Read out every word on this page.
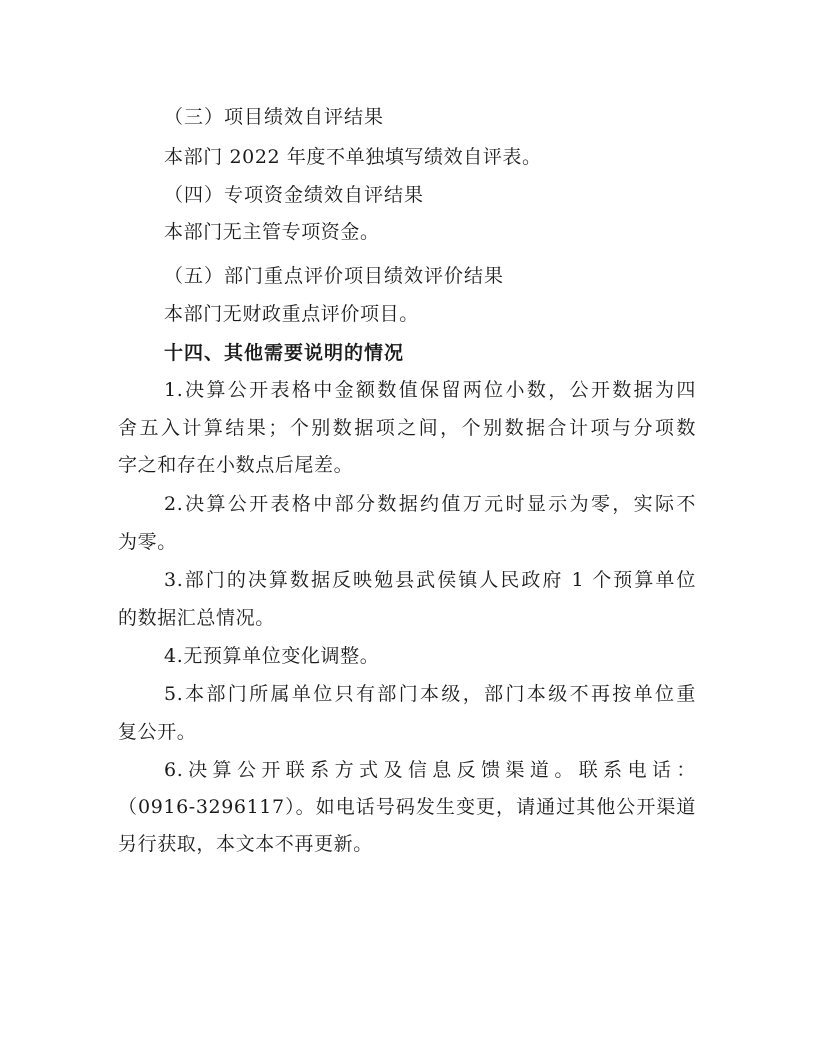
（三）项目绩效自评结果
本部门 2022 年度不单独填写绩效自评表。
（四）专项资金绩效自评结果
本部门无主管专项资金。
（五）部门重点评价项目绩效评价结果
本部门无财政重点评价项目。
十四、其他需要说明的情况
1.决算公开表格中金额数值保留两位小数，公开数据为四
舍五入计算结果；个别数据项之间，个别数据合计项与分项数
字之和存在小数点后尾差。
2.决算公开表格中部分数据约值万元时显示为零，实际不
为零。
3.部门的决算数据反映勉县武侯镇人民政府 1 个预算单位
的数据汇总情况。
4.无预算单位变化调整。
5.本部门所属单位只有部门本级，部门本级不再按单位重
复公开。
6.决算公开联系方式及信息反馈渠道。联系电话：
（0916-3296117）。如电话号码发生变更，请通过其他公开渠道
另行获取，本文本不再更新。
